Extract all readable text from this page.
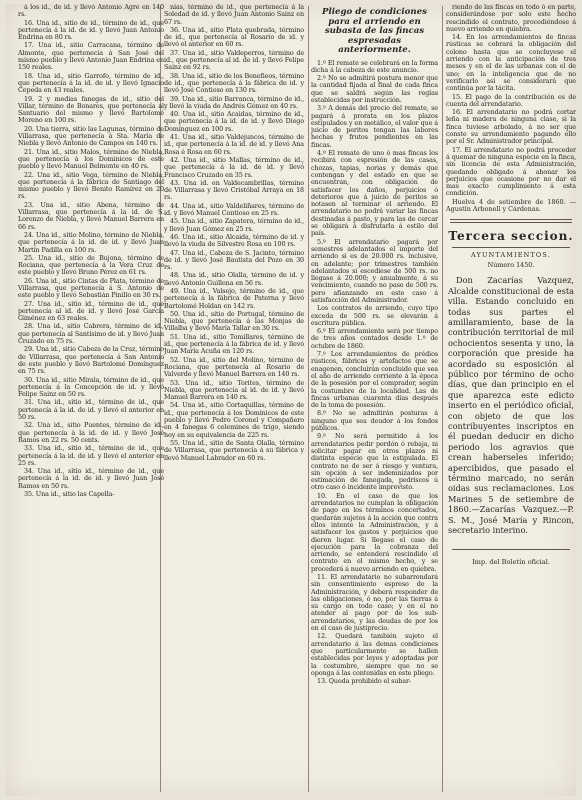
á los id., de id. y llevó Antonio Agre en 140 rs.

16. Una id., sitio de id., término de id., que pertenecía á la id. de id. y llevó Juan Antonio Endrina en 80 rs.

17. Una id., sitio Carracana, término de Almonte, que pertenecía á San José del mismo pueblo y llevó Antonio Juan Endrina en 150 reales.

18. Una id., sitio Garrofo, término de id., que pertenecía á la id. de id. y llevó Ignacio Cepeda en 43 reales.

19. 2 y medias fanegas de id., sitio del Villar, término de Bonares, que pertenecía al Santuario del mismo y llevó Bartolomé Moreno en 100 rs.

20. Una tierra, sitio las Lagunas, término de Villarrasa, que pertenecía á Sta. María de Niebla y llevó Antonio de Campos en 140 rs.

21. Una id., sitio Malos, término de Niebla, que pertenecía á los Dominicos de este pueblo y llevó Manuel Belmonte en 40 rs.

22. Una id., sitio Vega, término de Niebla, que pertenecía á la fábrica de Santiago del mismo pueblo y llevó Benito Ramírez en 20 rs.

23. Una id., sitio Abena, término de Villarrasa, que pertenecía á la id. de S. Lorenzo de Niebla, y llevó Manuel Barrera en 66 rs.

24. Una id., sitio Molino, término de Niebla, que pertenecía á la id. de id. y llevó Juan Martín Padilla en 100 rs.

25. Una id., sitio de Bujona, término de Rociana, que pertenecía á la Vera Cruz de este pueblo y llevó Bruno Pérez en 61 rs.

26. Una id., sitio Cintas de Plata, término de Villarrasa, que pertenecía á S. Antonio de este pueblo y llevó Sebastián Pinillo en 30 rs.

27. Una id., sitio id., término de id., que pertenecía al id. de id. y llevó José García Giménez en 63 reales.

28. Una id., sitio Cabrera, término de id., que pertenecía al Santísimo de id. y llevó Juan Cruzado en 75 rs.

29. Una id., sitio Cabeza de la Cruz, término de Villarrasa, que pertenecía á San Antonio de este pueblo y llevó Bartolomé Domínguez en 75 rs.

30. Una id., sitio Mirala, término de id., que pertenecía á la Concepción de id. y llevó Felipe Sainz en 50 rs.

31. Una id., sitio id., término de id., que pertenecía á la id. de id. y llevó el anterior en 50 rs.

32. Una id., sitio Puentes, término de id., que pertenecía á la id. de id. y llevó José Ramos en 22 rs. 50 cents.

33. Una id., sitio id., término de id., que pertenecía á la id. de id. y llevó el anterior en 25 rs.

34. Una id., sitio id., término de id., que pertenecía á la id. de id. y llevó Juan José Ramos en 50 rs.

35. Una id., sitio las Capella-

nías, término de id., que pertenecía á la Soledad de id. y llevó Juan Antonio Sainz en 67 rs.

36. Una id., sitio Plata quebrada, término de id., que pertenecía al Rosario de id. y llevó el anterior en 60 rs.

37. Una id., sitio Valdeperros, término de id., que pertenecía al id. de id. y llevó Felipe Sainz en 92 rs.

38. Una id., sitio de los Benefieos, término de id., que pertenecía á la fábrica de id. y llevó José Contioso en 130 rs.

39. Una id., sitio Barranca, término de id., y llevó la viuda de Andrés Gómez en 40 rs.

40. Una id., sitio Acaidas, término de id., que pertenecía á la id. de id. y llevó Diego Domínguez en 100 rs.

41. Una id., sitio Valdejuncos, término de id., que pertenecía á la id. de id. y llevó Ana Rosa é Rosa en 60 rs.

42. Una id., sitio Mallas, término de id., que pertenecía á la id. de id. y llevó Francisco Cruzado en 35 rs.

43. Una id. en Valdecambrillas, término de Villarrasa y llevó Cristóbal Arraya en 18 rs.

44. Una id., sitio Valdeliñares, término de id. y llevó Manuel Contioso en 25 rs.

45. Una id., sitio Zapatera, término de id., y llevó Juan Gómez en 25 rs.

46. Una id., sitio Alcaida, término de id. y llevó la viuda de Silvestre Rosa en 100 rs.

47. Una id., Cabeza de S. Jacinto, término de id. y llevó José Bautista del Pozo en 30 rs.

48. Una id., sitio Olalla, término de id. y llevó Antonio Guillena en 56 rs.

49. Una id., Valsejo, término de id., que pertenecía á la fábrica de Paterna y llevó Bartolomé Holdan en 142 rs.

50. Una id., sitio de Portugal, término de Niebla, que pertenecía á las Monjas de Villalba y llevó María Tallar en 30 rs.

51. Una id., sitio Tomillares, término de id., que pertenecía á la fábrica de id. y llevó Juan María Acuña en 120 rs.

52. Una id., sitio del Molino, término de Rociana, que pertenecía al Rosario de Valverde y llevó Manuel Barrera en 140 rs.

53. Una id., sitio Torites, término de Niebla, que pertenecía al id. de id. y llevó Manuel Barrera en 140 rs.

54. Una id., sitio Cortaquillas, término de id., que pertenecía á los Dominicos de este pueblo y llevó Pedro Coronel y Compañero en 4 fanegas 6 celemines de trigo, siendo hoy en su equivalencia de 225 rs.

55. Una id., sitio de Santa Olalla, término de Villarrasa, que pertenecía á su fábrica y llevó Manuel Labrador en 60 rs.

Pliego de condiciones para el arriendo en subasta de las fincas espresadas anteriormente.

1.º El remate se celebrará en la forma dicha á la cabeza de este anuncio.

2.º No se admitirá postura menor que la cantidad fijada al final de cada finca que se saldrá según las reglas establecidas por instrucción.

3.º A demás del precio del remate, se pagará á prorata en los plazos estipulados y en metálico, el valor que á juicio de peritos tengan las labores hechas y frutos pendientes en las fincas.

4.º El remate de uno ó mas fincas los recibirá con espresión de las casas, chozas, tapias, norias y demás que contengan y del estado en que se encuentran, con obligación de satisfacer los daños, perjuicios ó deterioros que á juicio de peritos se notasen al terminar el arriendo. El arrendatario no podrá variar las fincas destinadas á pasto, y para las de cercar se obligará á disfrutarla á estilo del país.

5.º El arrendatario pagará por semestres adelantados el importe del arriendo si es de 20.000 rs. inclusive, en adelante; por trimestres también adelantados si escediese de 500 rs. no llegase á 20.000; y anualmente, á su vencimiento, cuando no pase de 500 rs. pero afianzando en este caso á satisfacción del Administrador.

Los contratos de arriendo, cuyo tipo exceda de 500 rs. se elevarán á escritura pública.

6.º El arrendamiento será por tiempo de tres años contados desde 1.º de octubre de 1860.

7.º Los arrendamientos de prédios rústicos, fábricas y artefactos que se enagenen, concluirán concluido que sea el año de arriendo corriente á la época de la posesión por el comprador, según la costumbre de la localidad. Las de fincas urbanas cuarenta días después de la toma de posesión.

8.º No se admitirán posturas á ninguno que sea deudor á los fondos públicos.

9.º No será permitido á los arrendatarios pedir perdón ó rebaja, ni solicitar pagar en otros plazos ni distinta especie que la estipulada. El contrato no de ser á riesgo y ventura, sin opción á ser indemnizados por estimación de fanegada, pedriscos ú otro caso ó incidente imprevisto.

10. En el caso de que los arrendatarios no cumplan la obligación de pago en los términos concertados, quedarán sujetos á la acción que contra ellos intente la Administración, y á satisfacer los gastos y perjuicios que dieren lugar. Si llegase el caso de ejecución para la cobranza del arriendo, se entenderá rescindido el contrato en el mismo hecho, y se procederá á nuevo arriendo en quiebra.

11. El arrendatario no subarrendará sin consentimiento espreso de la Administración, y deberá responder de las obligaciones, ó no, por las tierras á su cargo en todo caso; y en el no atender al pago por de los sub-arrendatarios, y las deudas de por los en el caso de justiprecio.

12. Quedará también sujeto el arrendatario á las demas condiciones que particularmente se hallen establecidas por leyes y adoptadas por la costumbre, siempre que no se oponga á las contenidas en este pliego.

13. Queda prohibido el subar-

riendo de las fincas en todo ó en parte, considerándose por solo este hecho rescindido el contrato, procediéndose á nuevo arriendo en quiebra.

14. En los arrendamientos de fincas rústicas se cobrará la obligación del colono hasta que se concluyese el arriendo con la anticipación de tres meses y en el de las urbanas con el de uno; en la inteligencia que de no verificarlo así se considerará que continúa por la tácita.

15. El pago de la contribución es de cuenta del arrendatario.

16. El arrendatario no podrá cortar leña ni madera de ninguna clase, si la finca tuviese arbolado, á no ser que conste su arrendamiento pagando ello por el Sr. Administrador principal.

17. El arrendatario no podrá proceder á quemar de ninguna especie en la finca, sin licencia de esta Administración, quedando obligado á abonar los perjuicios que ocasione por no dar el mas exacto cumplimiento á esta condición.

Huelva 4 de setiembre de 1860. — Agustín Arbonell y Cárdenas.
Tercera seccion.
AYUNTAMIENTOS.
Número 1450.
Don Zacarías Vazquez, Alcalde constitucional de esta villa. Estando concluido en todas sus partes el amillaramiento, base de la contribución territorial de mil ochocientos sesenta y uno, la corporación que preside ha acordado su esposición al público por término de ocho días, que dan principio en el que aparezca este edicto inserto en el periódico oficial, con objeto de que los contribuyentes inscriptos en él puedan deducir en dicho periodo los agravios que crean haberseles inferido; apercibidos, que pasado el término marcado, no serán oidas sus reclamaciones. Los Marines 5 de setiembre de 1860.—Zacarías Vazquez.—P. S. M., José María y Rincon, secretario interino.
Imp. del Boletín oficial.
